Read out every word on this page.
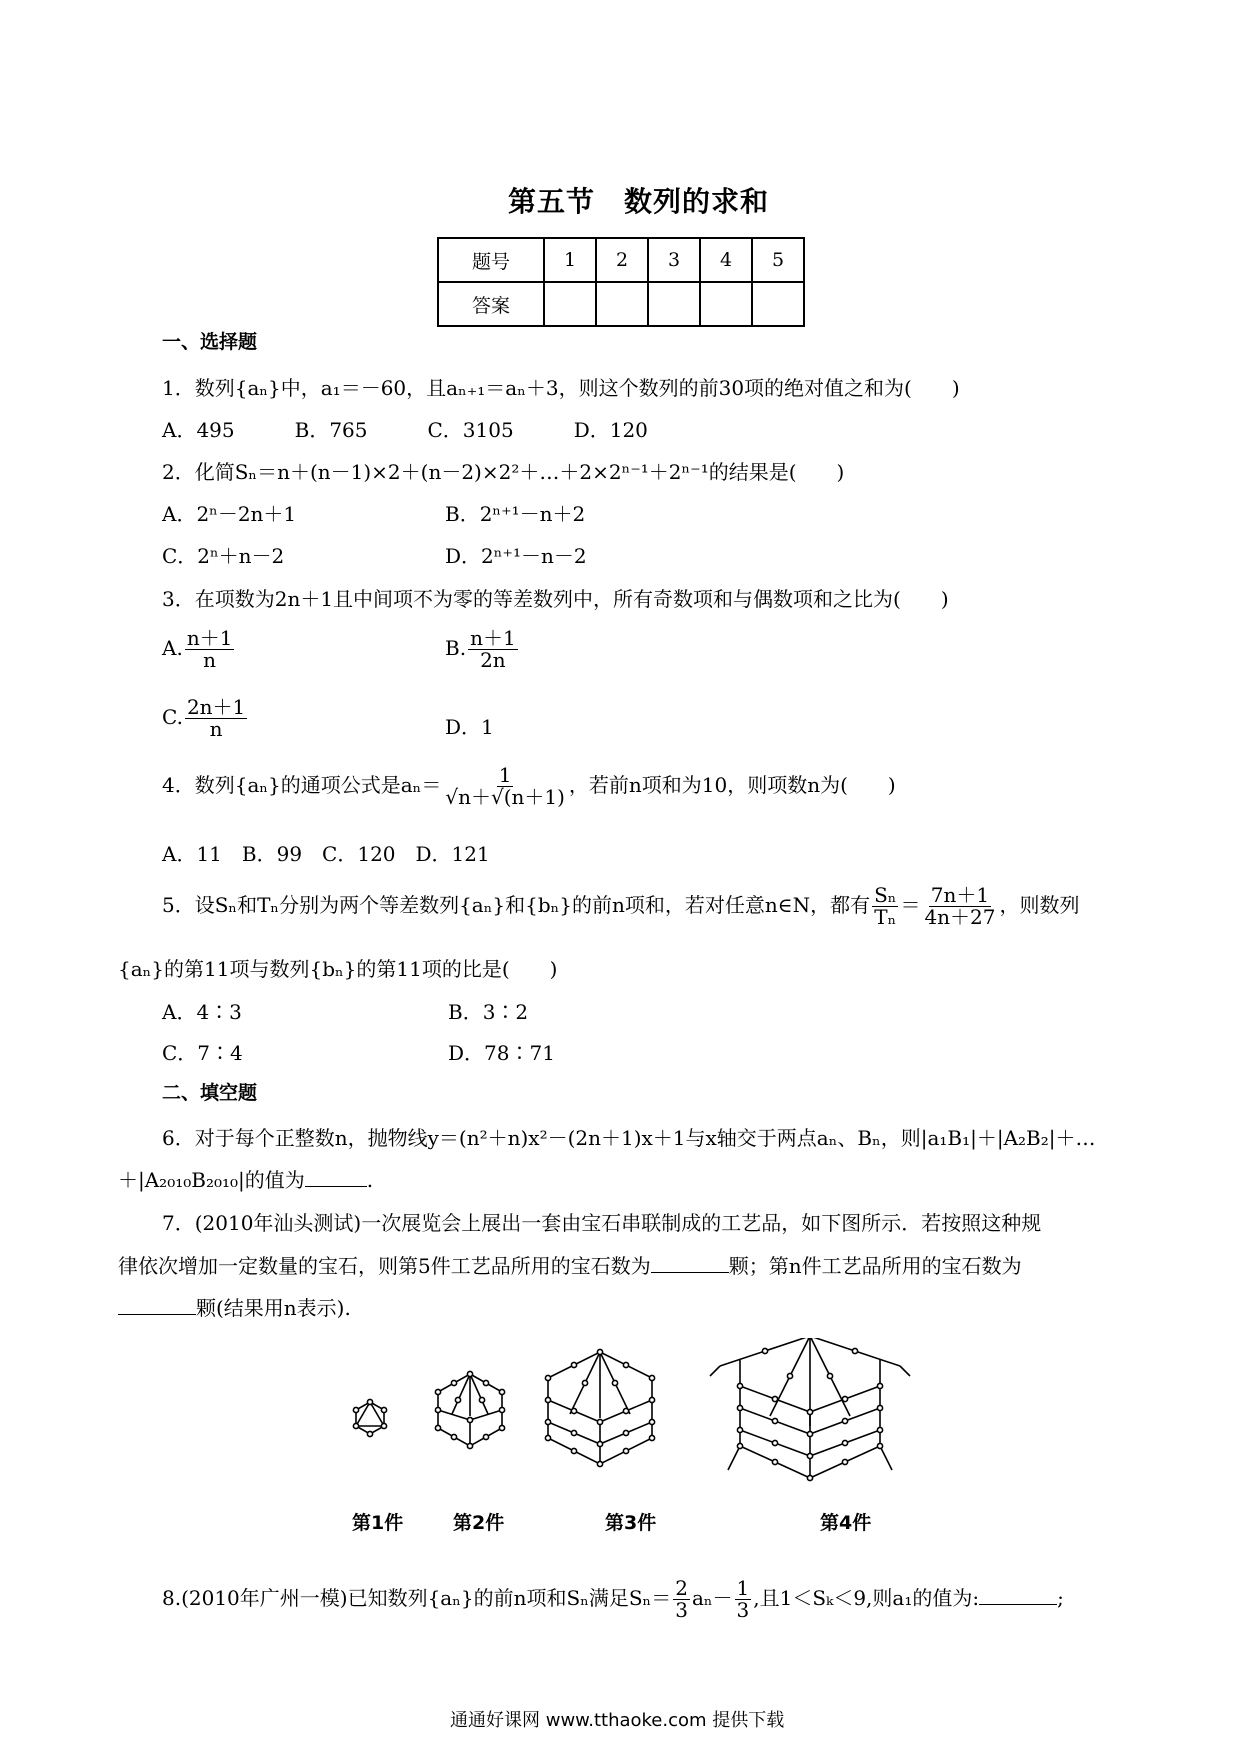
第五节　数列的求和
题号	1	2	3	4	5
答案					
一、选择题
1．数列{aₙ}中，a₁＝－60，且aₙ₊₁＝aₙ＋3，则这个数列的前30项的绝对值之和为(　　)
A．495　　　B．765　　　C．3105　　　D．120
2．化简Sₙ＝n＋(n－1)×2＋(n－2)×2²＋…＋2×2ⁿ⁻¹＋2ⁿ⁻¹的结果是(　　)
A．2ⁿ－2n＋1	B．2ⁿ⁺¹－n＋2
C．2ⁿ＋n－2	D．2ⁿ⁺¹－n－2
3．在项数为2n＋1且中间项不为零的等差数列中，所有奇数项和与偶数项和之比为(　　)
A. $\frac{n+1}{n}$	B. $\frac{n+1}{2n}$
C. $\frac{2n+1}{n}$	D．1
4．数列{aₙ}的通项公式是$a_n= \frac{1}{√n+√(n+1)}$ ，若前n项和为10，则项数n为(　　)
A．11　B．99　C．120　D．121
5．设Sₙ和Tₙ分别为两个等差数列{aₙ}和{bₙ}的前n项和，若对任意n∈N，都有 $\frac{\text{Sₙ}}{\text{Tₙ}} = \frac{7n+1}{4n+27}$ ，则数列
{aₙ}的第11项与数列{bₙ}的第11项的比是(　　)
A．4∶3	B．3∶2
C．7∶4	D．78∶71
二、填空题
6．对于每个正整数n，抛物线y＝(n²＋n)x²－(2n＋1)x＋1与x轴交于两点aₙ、Bₙ，则|a₁B₁|＋|A₂B₂|＋…
＋|A₂₀₁₀B₂₀₁₀|的值为	.
7．(2010年汕头测试)一次展览会上展出一套由宝石串联制成的工艺品，如下图所示．若按照这种规
律依次增加一定数量的宝石，则第5件工艺品所用的宝石数为	颗；第n件工艺品所用的宝石数为
颗(结果用n表示).
第1件	第2件	第3件	第4件
8.(2010年广州一模)已知数列{aₙ}的前n项和Sₙ满足$S_n= \frac{2}{3} a_n- \frac{1}{3}$ ,且1＜Sₖ＜9,则a₁的值为:	;
通通好课网 www.tthaoke.com 提供下载
